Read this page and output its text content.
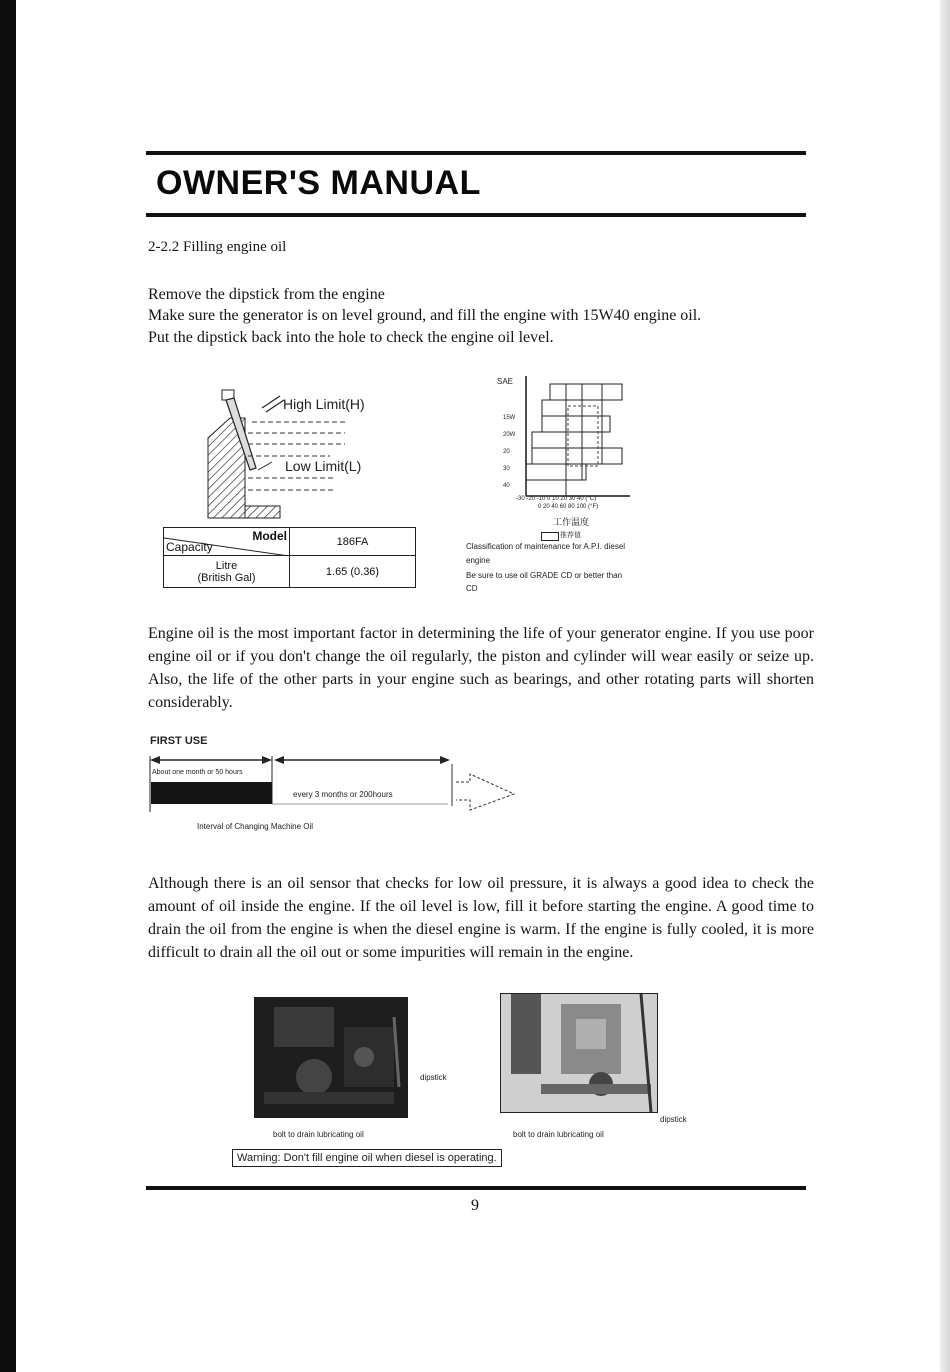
OWNER'S MANUAL
2-2.2 Filling engine oil
Remove the dipstick from the engine
Make sure the generator is on level ground, and fill the engine with 15W40 engine oil.
Put the dipstick back into the hole to check the engine oil level.
High Limit(H)
Low Limit(L)
Capacity
Model	186FA

Litre
(British Gal)	1.65 (0.36)
SAE
15W
20W
20
30
40
-30 -20 -10 0 10 20 30 40 (°C)
0 20 40 60 80 100 (°F)
工作温度
推荐值
Classification of maintenance for A.P.I. diesel
engine
Be sure to use oil GRADE CD or better than
CD
Engine oil is the most important factor in determining the life of your generator engine. If you use poor engine oil or if you don't change the oil regularly, the piston and cylinder will wear easily or seize up. Also, the life of the other parts in your engine such as bearings, and other rotating parts will shorten considerably.
FIRST USE
About one month or 50 hours
every 3 months or 200hours
Interval of Changing Machine Oil
Although there is an oil sensor that checks for low oil pressure, it is always a good idea to check the amount of oil inside the engine. If the oil level is low, fill it before starting the engine. A good time to drain the oil from the engine is when the diesel engine is warm. If the engine is fully cooled, it is more difficult to drain all the oil out or some impurities will remain in the engine.
dipstick
bolt to drain lubricating oil
dipstick
bolt to drain lubricating oil
Warning: Don't fill engine oil when diesel is operating.
9
